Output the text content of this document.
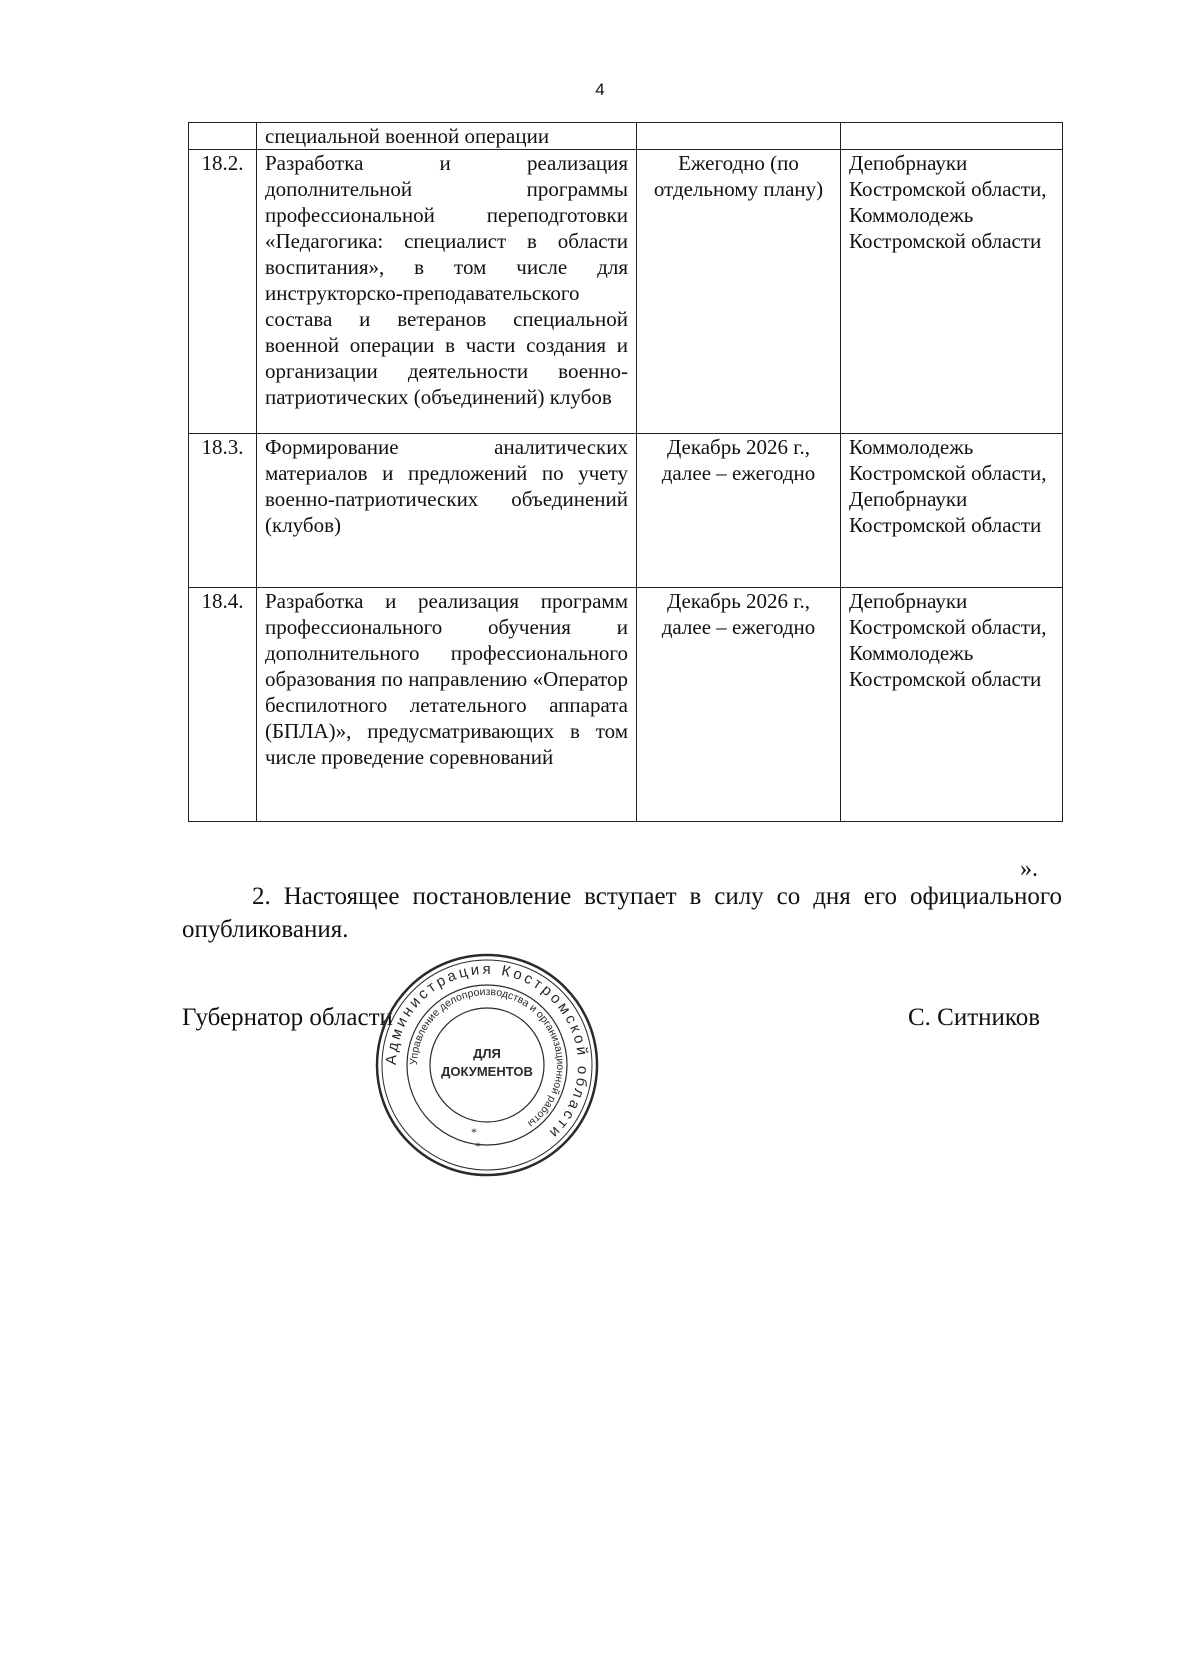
4
	специальной военной операции		
18.2.	Разработка и реализация дополнительной программы профессиональной переподготовки «Педагогика: специалист в области воспитания», в том числе для инструкторско-преподавательского состава и ветеранов специальной военной операции в части создания и организации деятельности военно-патриотических (объединений) клубов	Ежегодно (по отдельному плану)	Депобрнауки Костромской области, Коммолодежь Костромской области
18.3.	Формирование аналитических материалов и предложений по учету военно-патриотических объединений (клубов)	Декабрь 2026 г., далее – ежегодно	Коммолодежь Костромской области, Депобрнауки Костромской области
18.4.	Разработка и реализация программ профессионального обучения и дополнительного профессионального образования по направлению «Оператор беспилотного летательного аппарата (БПЛА)», предусматривающих в том числе проведение соревнований	Декабрь 2026 г., далее – ежегодно	Депобрнауки Костромской области, Коммолодежь Костромской области
».
2. Настоящее постановление вступает в силу со дня его официального опубликования.
Губернатор области	С. Ситников
Администрация Костромской области
Управление делопроизводства и организационной работы
ДЛЯ
ДОКУМЕНТОВ
*
*
